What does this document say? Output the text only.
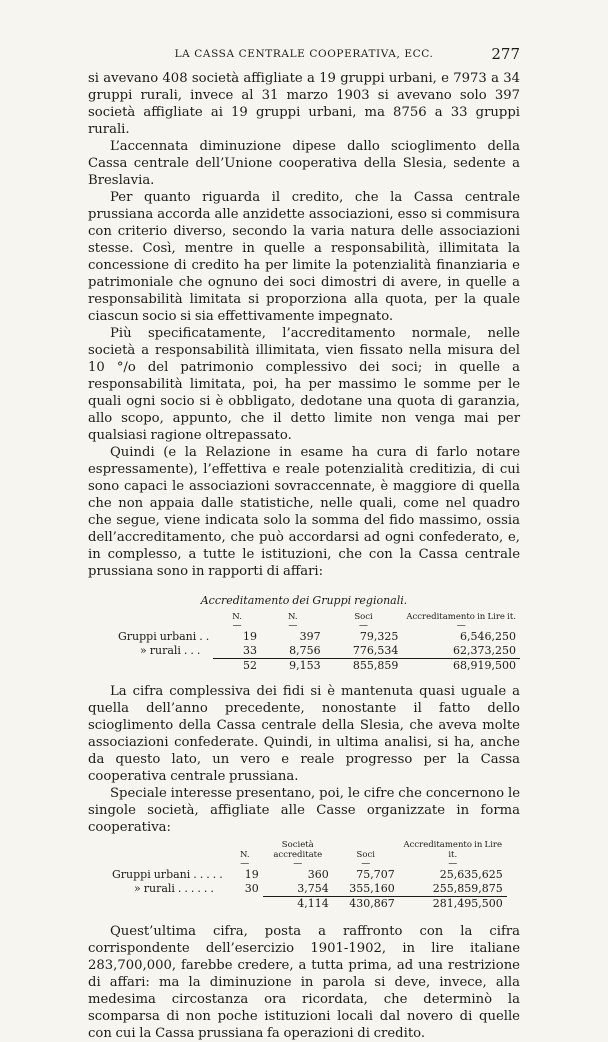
LA CASSA CENTRALE COOPERATIVA, ECC.	277

si avevano 408 società affigliate a 19 gruppi urbani, e 7973 a 34 gruppi rurali, invece al 31 marzo 1903 si avevano solo 397 società affigliate ai 19 gruppi urbani, ma 8756 a 33 gruppi rurali.

L’accennata diminuzione dipese dallo scioglimento della Cassa centrale dell’Unione cooperativa della Slesia, sedente a Breslavia.

Per quanto riguarda il credito, che la Cassa centrale prussiana accorda alle anzidette associazioni, esso si commisura con criterio diverso, secondo la varia natura delle associazioni stesse. Così, mentre in quelle a responsabilità, illimitata la concessione di credito ha per limite la potenzialità finanziaria e patrimoniale che ognuno dei soci dimostri di avere, in quelle a responsabilità limitata si proporziona alla quota, per la quale ciascun socio si sia effettivamente impegnato.

Più specificatamente, l’accreditamento normale, nelle società a responsabilità illimitata, vien fissato nella misura del 10 °/o del patrimonio complessivo dei soci; in quelle a responsabilità limitata, poi, ha per massimo le somme per le quali ogni socio si è obbligato, dedotane una quota di garanzia, allo scopo, appunto, che il detto limite non venga mai per qualsiasi ragione oltrepassato.

Quindi (e la Relazione in esame ha cura di farlo notare espressamente), l’effettiva e reale potenzialità creditizia, di cui sono capaci le associazioni sovraccennate, è maggiore di quella che non appaia dalle statistiche, nelle quali, come nel quadro che segue, viene indicata solo la somma del fido massimo, ossia dell’accreditamento, che può accordarsi ad ogni confederato, e, in complesso, a tutte le istituzioni, che con la Cassa centrale prussiana sono in rapporti di affari:

Accreditamento dei Gruppi regionali.
	N.	N.	Soci	Accreditamento in Lire it.
	—	—	—	—
Gruppi urbani . .	19	397	79,325	6,546,250
» rurali . . .	33	8,756	776,534	62,373,250
	52	9,153	855,859	68,919,500

La cifra complessiva dei fidi si è mantenuta quasi uguale a quella dell’anno precedente, nonostante il fatto dello scioglimento della Cassa centrale della Slesia, che aveva molte associazioni confederate. Quindi, in ultima analisi, si ha, anche da questo lato, un vero e reale progresso per la Cassa cooperativa centrale prussiana.

Speciale interesse presentano, poi, le cifre che concernono le singole società, affigliate alle Casse organizzate in forma cooperativa:

	N.	Società accreditate	Soci	Accreditamento in Lire it.
	—	—	—	—
Gruppi urbani . . . . .	19	360	75,707	25,635,625
» rurali . . . . . .	30	3,754	355,160	255,859,875
		4,114	430,867	281,495,500

Quest’ultima cifra, posta a raffronto con la cifra corrispondente dell’esercizio 1901-1902, in lire italiane 283,700,000, farebbe credere, a tutta prima, ad una restrizione di affari: ma la diminuzione in parola si deve, invece, alla medesima circostanza ora ricordata, che determinò la scomparsa di non poche istituzioni locali dal novero di quelle con cui la Cassa prussiana fa operazioni di credito.
